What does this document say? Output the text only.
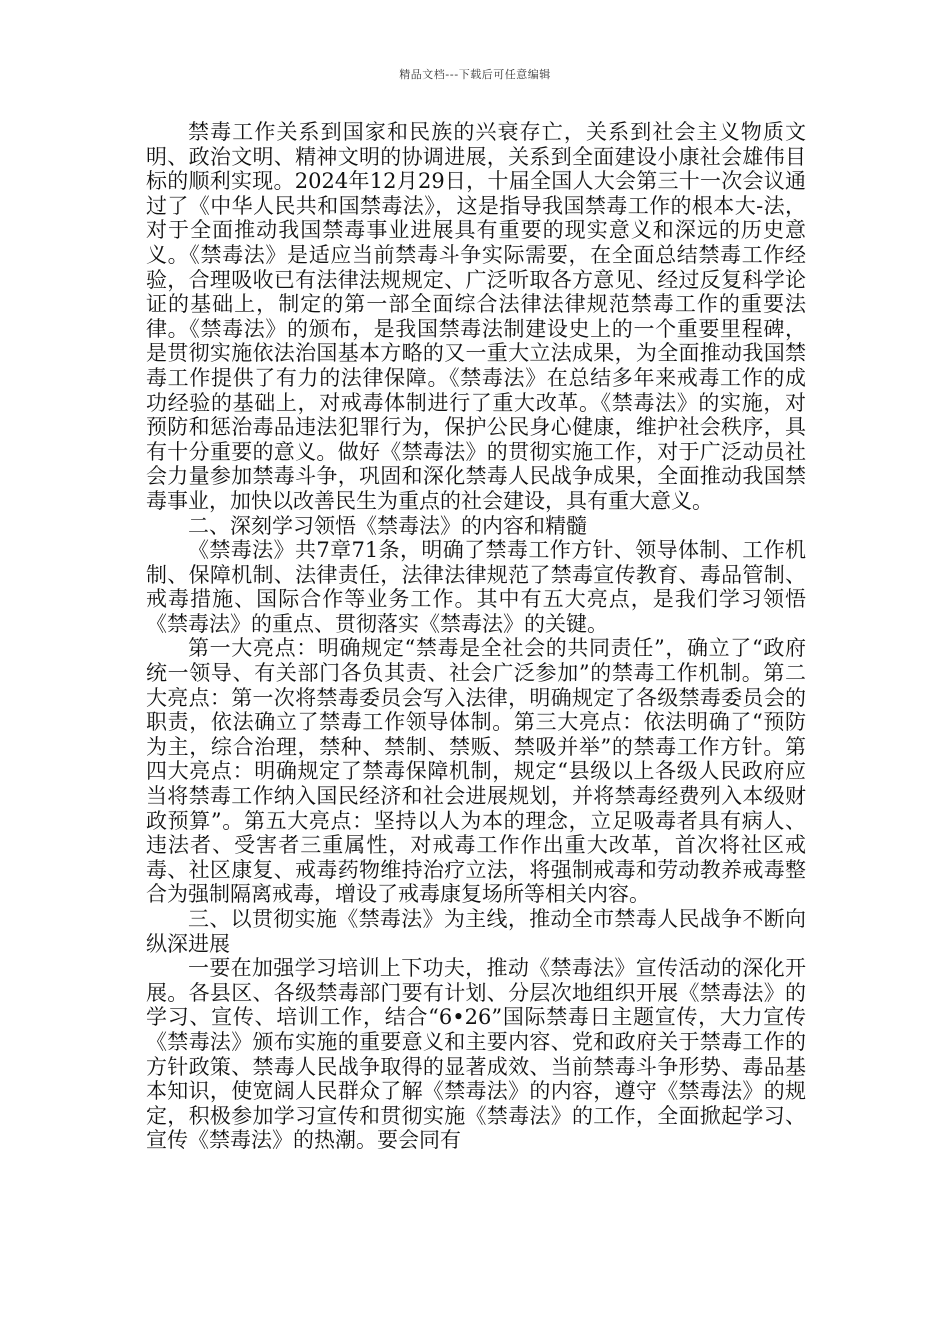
精品文档---下载后可任意编辑

禁毒工作关系到国家和民族的兴衰存亡，关系到社会主义物质文明、政治文明、精神文明的协调进展，关系到全面建设小康社会雄伟目标的顺利实现。2024年12月29日，十届全国人大会第三十一次会议通过了《中华人民共和国禁毒法》，这是指导我国禁毒工作的根本大-法，对于全面推动我国禁毒事业进展具有重要的现实意义和深远的历史意义。《禁毒法》是适应当前禁毒斗争实际需要，在全面总结禁毒工作经验，合理吸收已有法律法规规定、广泛听取各方意见、经过反复科学论证的基础上，制定的第一部全面综合法律法律规范禁毒工作的重要法律。《禁毒法》的颁布，是我国禁毒法制建设史上的一个重要里程碑，是贯彻实施依法治国基本方略的又一重大立法成果，为全面推动我国禁毒工作提供了有力的法律保障。《禁毒法》在总结多年来戒毒工作的成功经验的基础上，对戒毒体制进行了重大改革。《禁毒法》的实施，对预防和惩治毒品违法犯罪行为，保护公民身心健康，维护社会秩序，具有十分重要的意义。做好《禁毒法》的贯彻实施工作，对于广泛动员社会力量参加禁毒斗争，巩固和深化禁毒人民战争成果，全面推动我国禁毒事业，加快以改善民生为重点的社会建设，具有重大意义。

二、深刻学习领悟《禁毒法》的内容和精髓

《禁毒法》共7章71条，明确了禁毒工作方针、领导体制、工作机制、保障机制、法律责任，法律法律规范了禁毒宣传教育、毒品管制、戒毒措施、国际合作等业务工作。其中有五大亮点，是我们学习领悟《禁毒法》的重点、贯彻落实《禁毒法》的关键。

第一大亮点：明确规定“禁毒是全社会的共同责任”，确立了“政府统一领导、有关部门各负其责、社会广泛参加”的禁毒工作机制。第二大亮点：第一次将禁毒委员会写入法律，明确规定了各级禁毒委员会的职责，依法确立了禁毒工作领导体制。第三大亮点：依法明确了“预防为主，综合治理，禁种、禁制、禁贩、禁吸并举”的禁毒工作方针。第四大亮点：明确规定了禁毒保障机制，规定“县级以上各级人民政府应当将禁毒工作纳入国民经济和社会进展规划，并将禁毒经费列入本级财政预算”。第五大亮点：坚持以人为本的理念，立足吸毒者具有病人、违法者、受害者三重属性，对戒毒工作作出重大改革，首次将社区戒毒、社区康复、戒毒药物维持治疗立法，将强制戒毒和劳动教养戒毒整合为强制隔离戒毒，增设了戒毒康复场所等相关内容。

三、以贯彻实施《禁毒法》为主线，推动全市禁毒人民战争不断向纵深进展

一要在加强学习培训上下功夫，推动《禁毒法》宣传活动的深化开展。各县区、各级禁毒部门要有计划、分层次地组织开展《禁毒法》的学习、宣传、培训工作，结合“6•26”国际禁毒日主题宣传，大力宣传《禁毒法》颁布实施的重要意义和主要内容、党和政府关于禁毒工作的方针政策、禁毒人民战争取得的显著成效、当前禁毒斗争形势、毒品基本知识，使宽阔人民群众了解《禁毒法》的内容，遵守《禁毒法》的规定，积极参加学习宣传和贯彻实施《禁毒法》的工作，全面掀起学习、宣传《禁毒法》的热潮。要会同有
